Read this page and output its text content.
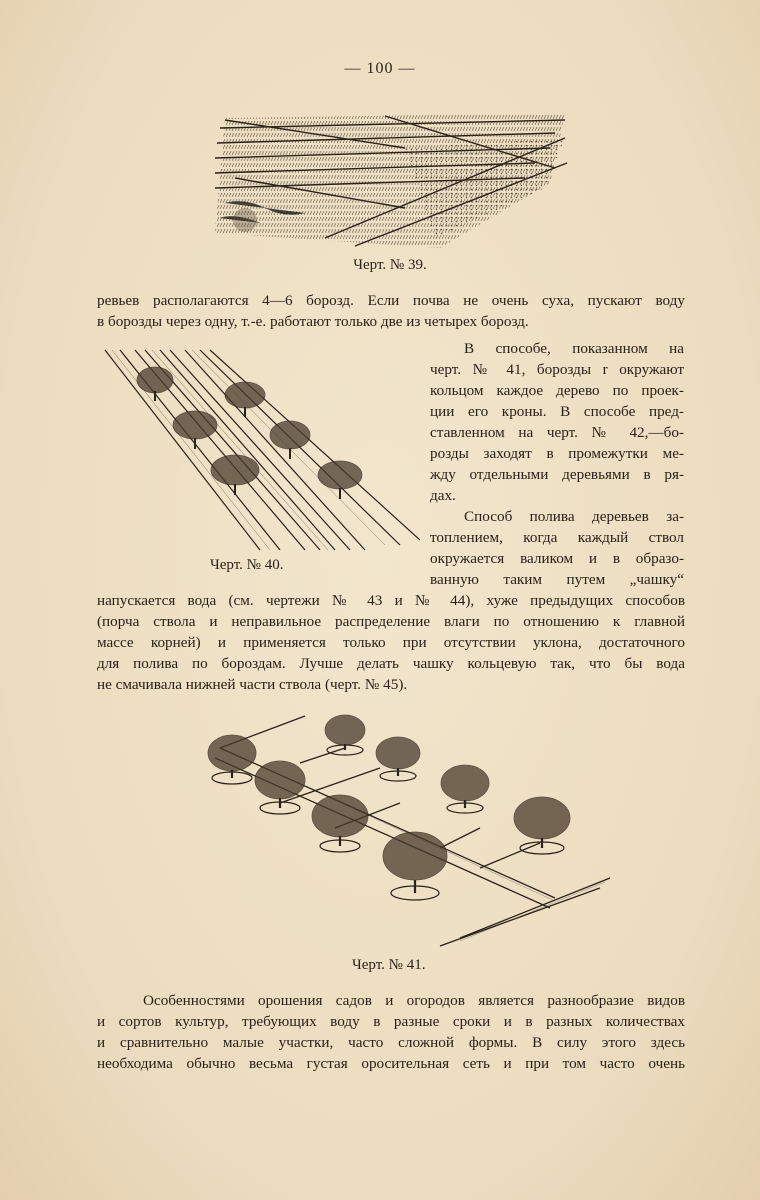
— 100 —
Черт. № 39.
ревьев располагаются 4—6 борозд. Если почва не очень суха, пускают воду
в борозды через одну, т.-е. работают только две из четырех борозд.
Черт. № 40.
В способе, показанном на
черт. № 41, борозды r окружают
кольцом каждое дерево по проек-
ции его кроны. В способе пред-
ставленном на черт. № 42,—бо-
розды заходят в промежутки ме-
жду отдельными деревьями в ря-
дах.
Способ полива деревьев за-
топлением, когда каждый ствол
окружается валиком и в образо-
ванную таким путем „чашку“
напускается вода (см. чертежи № 43 и № 44), хуже предыдущих способов
(порча ствола и неправильное распределение влаги по отношению к главной
массе корней) и применяется только при отсутствии уклона, достаточного
для полива по бороздам. Лучше делать чашку кольцевую так, что бы вода
не смачивала нижней части ствола (черт. № 45).
Черт. № 41.
Особенностями орошения садов и огородов является разнообразие видов
и сортов культур, требующих воду в разные сроки и в разных количествах
и сравнительно малые участки, часто сложной формы. В силу этого здесь
необходима обычно весьма густая оросительная сеть и при том часто очень
